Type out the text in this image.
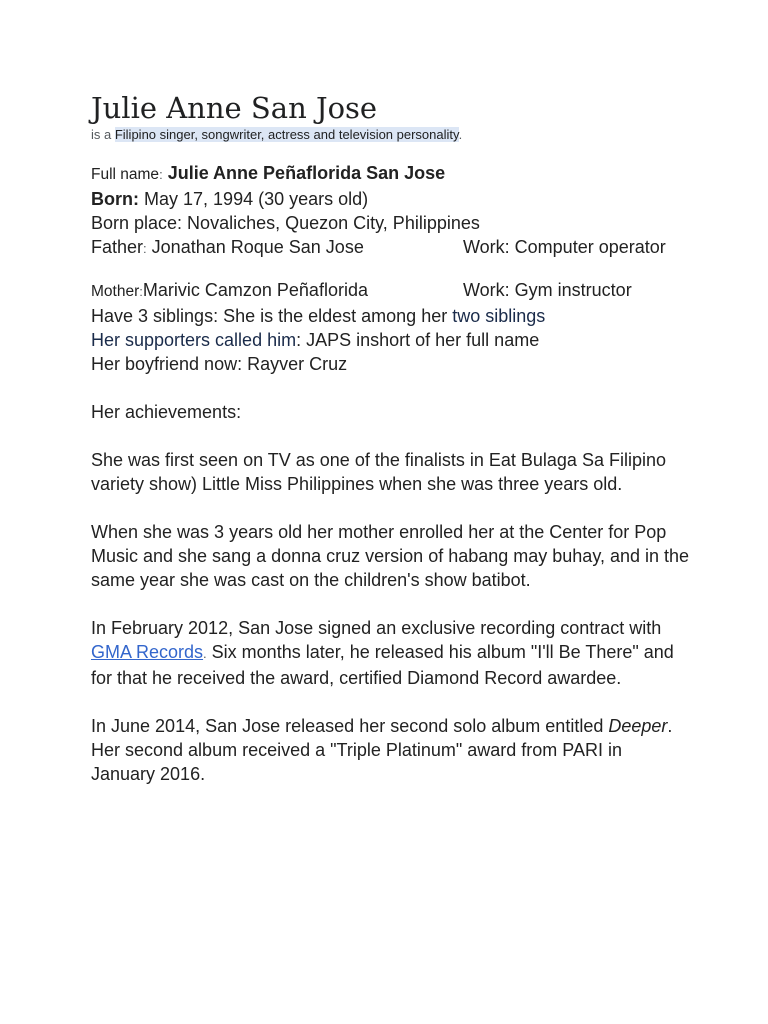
Julie Anne San Jose

is a Filipino singer, songwriter, actress and television personality.

Full name: Julie Anne Peñaflorida San Jose
Born: May 17, 1994 (30 years old)
Born place: Novaliches, Quezon City, Philippines
Father: Jonathan Roque San Jose	Work: Computer operator
Mother:Marivic Camzon Peñaflorida	Work: Gym instructor
Have 3 siblings: She is the eldest among her two siblings
Her supporters called him: JAPS inshort of her full name
Her boyfriend now: Rayver Cruz
Her achievements:

She was first seen on TV as one of the finalists in Eat Bulaga Sa Filipino variety show) Little Miss Philippines when she was three years old.

When she was 3 years old her mother enrolled her at the Center for Pop Music and she sang a donna cruz version of habang may buhay, and in the same year she was cast on the children's show batibot.

In February 2012, San Jose signed an exclusive recording contract with GMA Records. Six months later, he released his album "I'll Be There" and for that he received the award, certified Diamond Record awardee.

In June 2014, San Jose released her second solo album entitled Deeper. Her second album received a "Triple Platinum" award from PARI in January 2016.
